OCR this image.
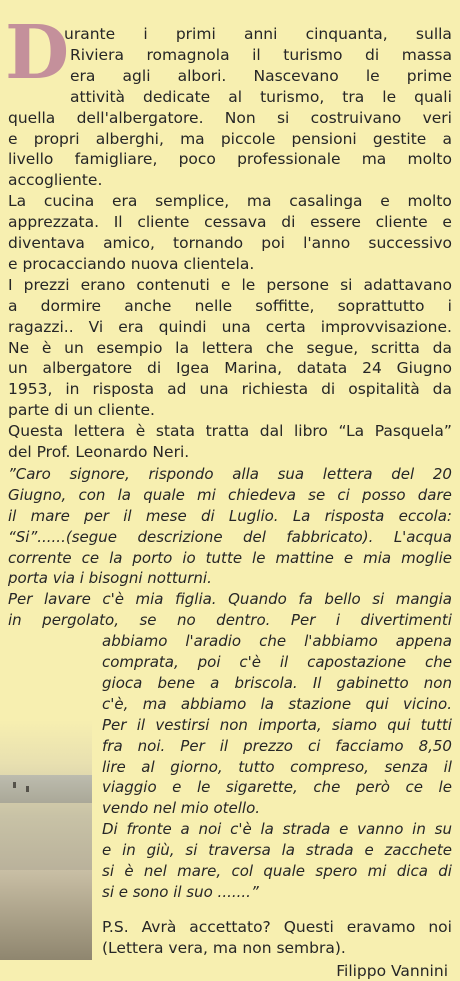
D
urante i primi anni cinquanta, sulla
Riviera romagnola il turismo di massa
era agli albori. Nascevano le prime
attività dedicate al turismo, tra le quali
quella dell'albergatore. Non si costruivano veri
e propri alberghi, ma piccole pensioni gestite a
livello famigliare, poco professionale ma molto
accogliente.
La cucina era semplice, ma casalinga e molto
apprezzata. Il cliente cessava di essere cliente e
diventava amico, tornando poi l'anno successivo
e procacciando nuova clientela.
I prezzi erano contenuti e le persone si adattavano
a dormire anche nelle soffitte, soprattutto i
ragazzi.. Vi era quindi una certa improvvisazione.
Ne è un esempio la lettera che segue, scritta da
un albergatore di Igea Marina, datata 24 Giugno
1953, in risposta ad una richiesta di ospitalità da
parte di un cliente.
Questa lettera è stata tratta dal libro “La Pasquela”
del Prof. Leonardo Neri.
”Caro signore, rispondo alla sua lettera del 20
Giugno, con la quale mi chiedeva se ci posso dare
il mare per il mese di Luglio. La risposta eccola:
“Si”......(segue descrizione del fabbricato). L'acqua
corrente ce la porto io tutte le mattine e mia moglie
porta via i bisogni notturni.
Per lavare c'è mia figlia. Quando fa bello si mangia
in pergolato, se no dentro. Per i divertimenti
abbiamo l'aradio che l'abbiamo appena
comprata, poi c'è il capostazione che
gioca bene a briscola. Il gabinetto non
c'è, ma abbiamo la stazione qui vicino.
Per il vestirsi non importa, siamo qui tutti
fra noi. Per il prezzo ci facciamo 8,50
lire al giorno, tutto compreso, senza il
viaggio e le sigarette, che però ce le
vendo nel mio otello.
Di fronte a noi c'è la strada e vanno in su
e in giù, si traversa la strada e zacchete
si è nel mare, col quale spero mi dica di
si e sono il suo .......”
P.S. Avrà accettato? Questi eravamo noi
(Lettera vera, ma non sembra).
Filippo Vannini
